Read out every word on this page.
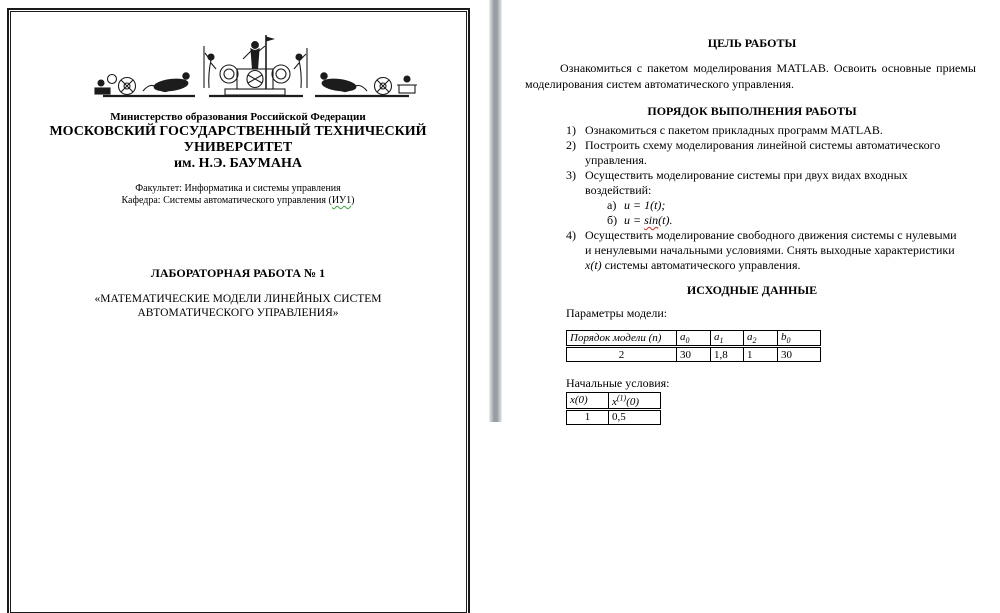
Министерство образования Российской Федерации
МОСКОВСКИЙ ГОСУДАРСТВЕННЫЙ ТЕХНИЧЕСКИЙ
УНИВЕРСИТЕТ
им. Н.Э. БАУМАНА
Факультет: Информатика и системы управления
Кафедра: Системы автоматического управления (ИУ1)
ЛАБОРАТОРНАЯ РАБОТА № 1
«МАТЕМАТИЧЕСКИЕ МОДЕЛИ ЛИНЕЙНЫХ СИСТЕМ
АВТОМАТИЧЕСКОГО УПРАВЛЕНИЯ»
ЦЕЛЬ РАБОТЫ

Ознакомиться с пакетом моделирования MATLAB. Освоить основные приемы моделирования систем автоматического управления.

ПОРЯДОК ВЫПОЛНЕНИЯ РАБОТЫ
1) Ознакомиться с пакетом прикладных программ MATLAB.
2) Построить схему моделирования линейной системы автоматического управления.
3) Осуществить моделирование системы при двух видах входных воздействий:
а) u = 1(t);
б) u = sin(t).
4) Осуществить моделирование свободного движения системы с нулевыми и ненулевыми начальными условиями. Снять выходные характеристики x(t) системы автоматического управления.
ИСХОДНЫЕ ДАННЫЕ
Параметры модели:
Порядок модели (n)	$a_0$	$a_1$	$a_2$	$b_0$
2	30	1,8	1	30
Начальные условия:
x(0)	$x^{(1)}(0)$
1	0,5
